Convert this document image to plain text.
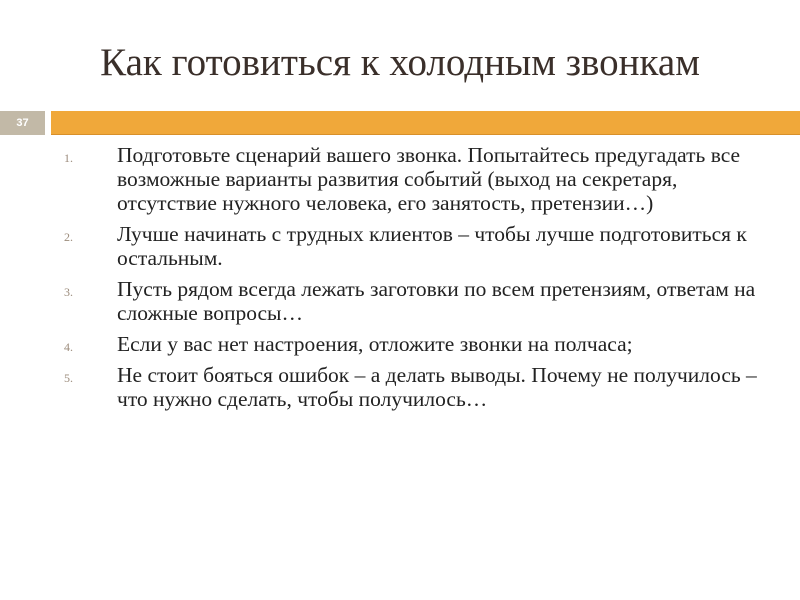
Как готовиться к холодным звонкам
37
1. Подготовьте сценарий вашего звонка. Попытайтесь предугадать все возможные варианты развития событий (выход на секретаря, отсутствие нужного человека, его занятость, претензии…)
2. Лучше начинать с трудных клиентов – чтобы лучше подготовиться к остальным.
3. Пусть рядом всегда лежать заготовки по всем претензиям, ответам на сложные вопросы…
4. Если у вас нет настроения, отложите звонки на полчаса;
5. Не стоит бояться ошибок – а делать выводы. Почему не получилось – что нужно сделать, чтобы получилось…
